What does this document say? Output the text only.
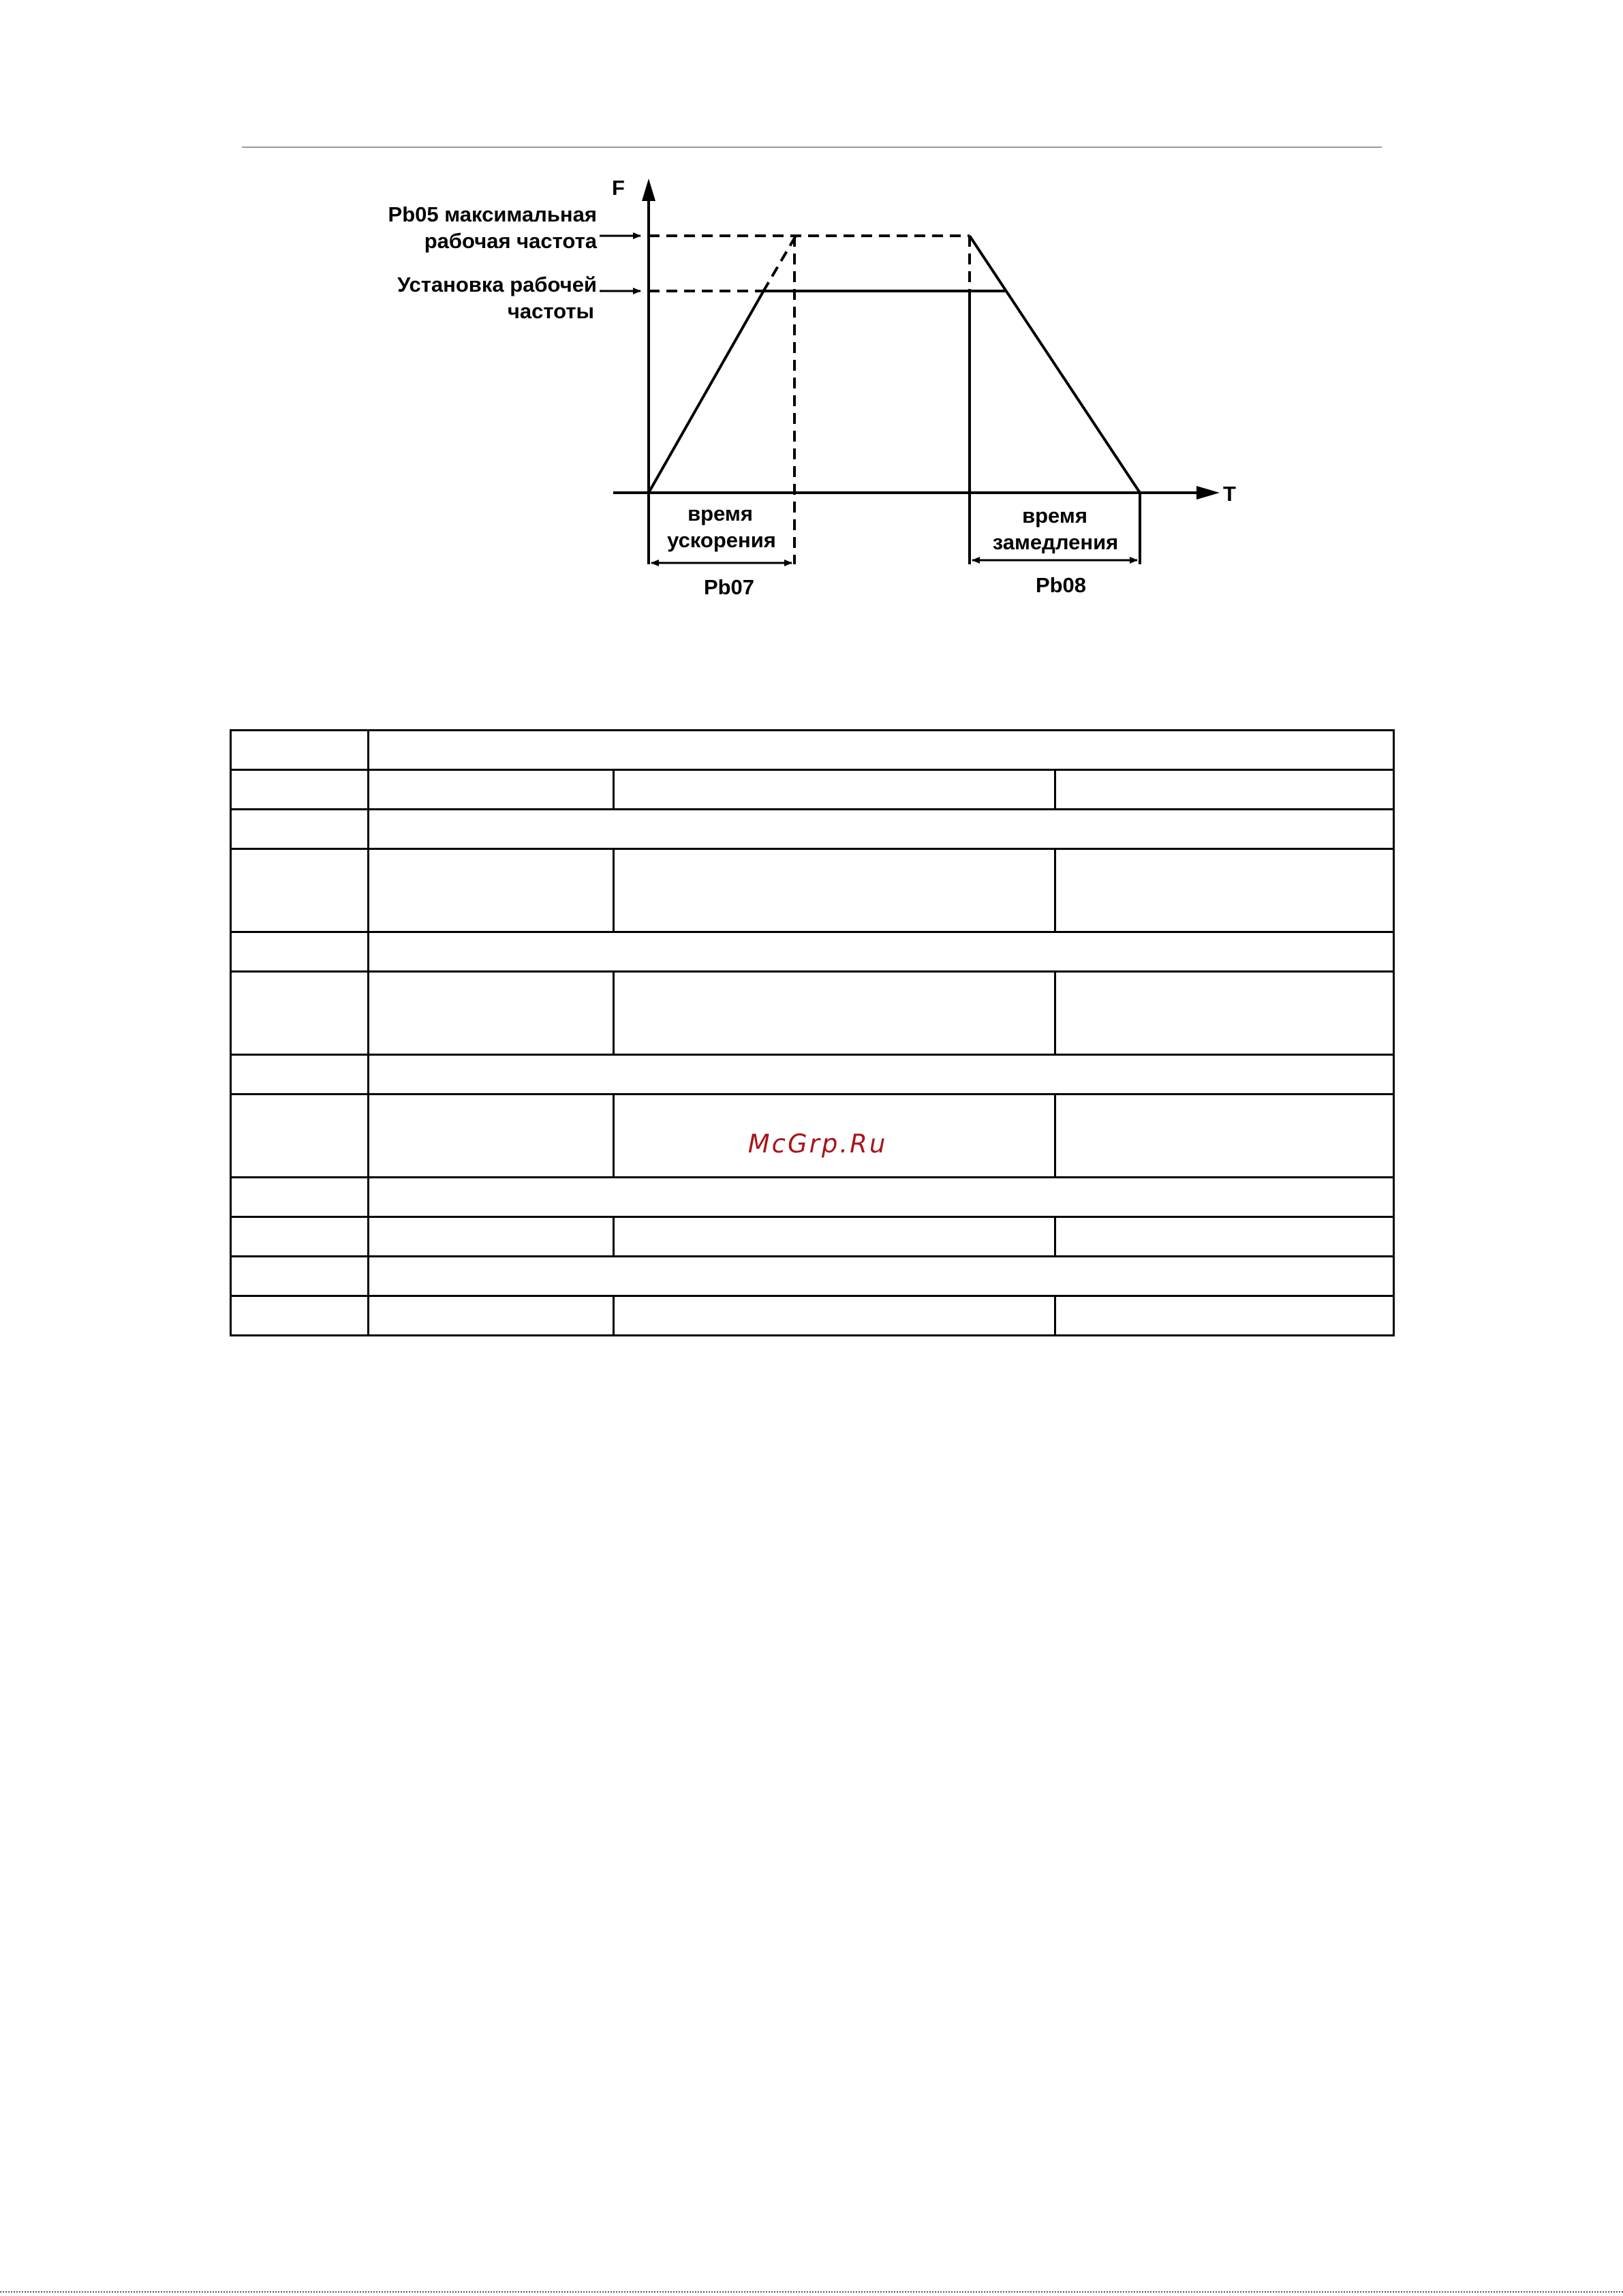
F
T
Pb05 максимальная
рабочая частота
Установка рабочей
частоты
время
ускорения
время
замедления
Pb07	Pb08

McGrp.Ru
